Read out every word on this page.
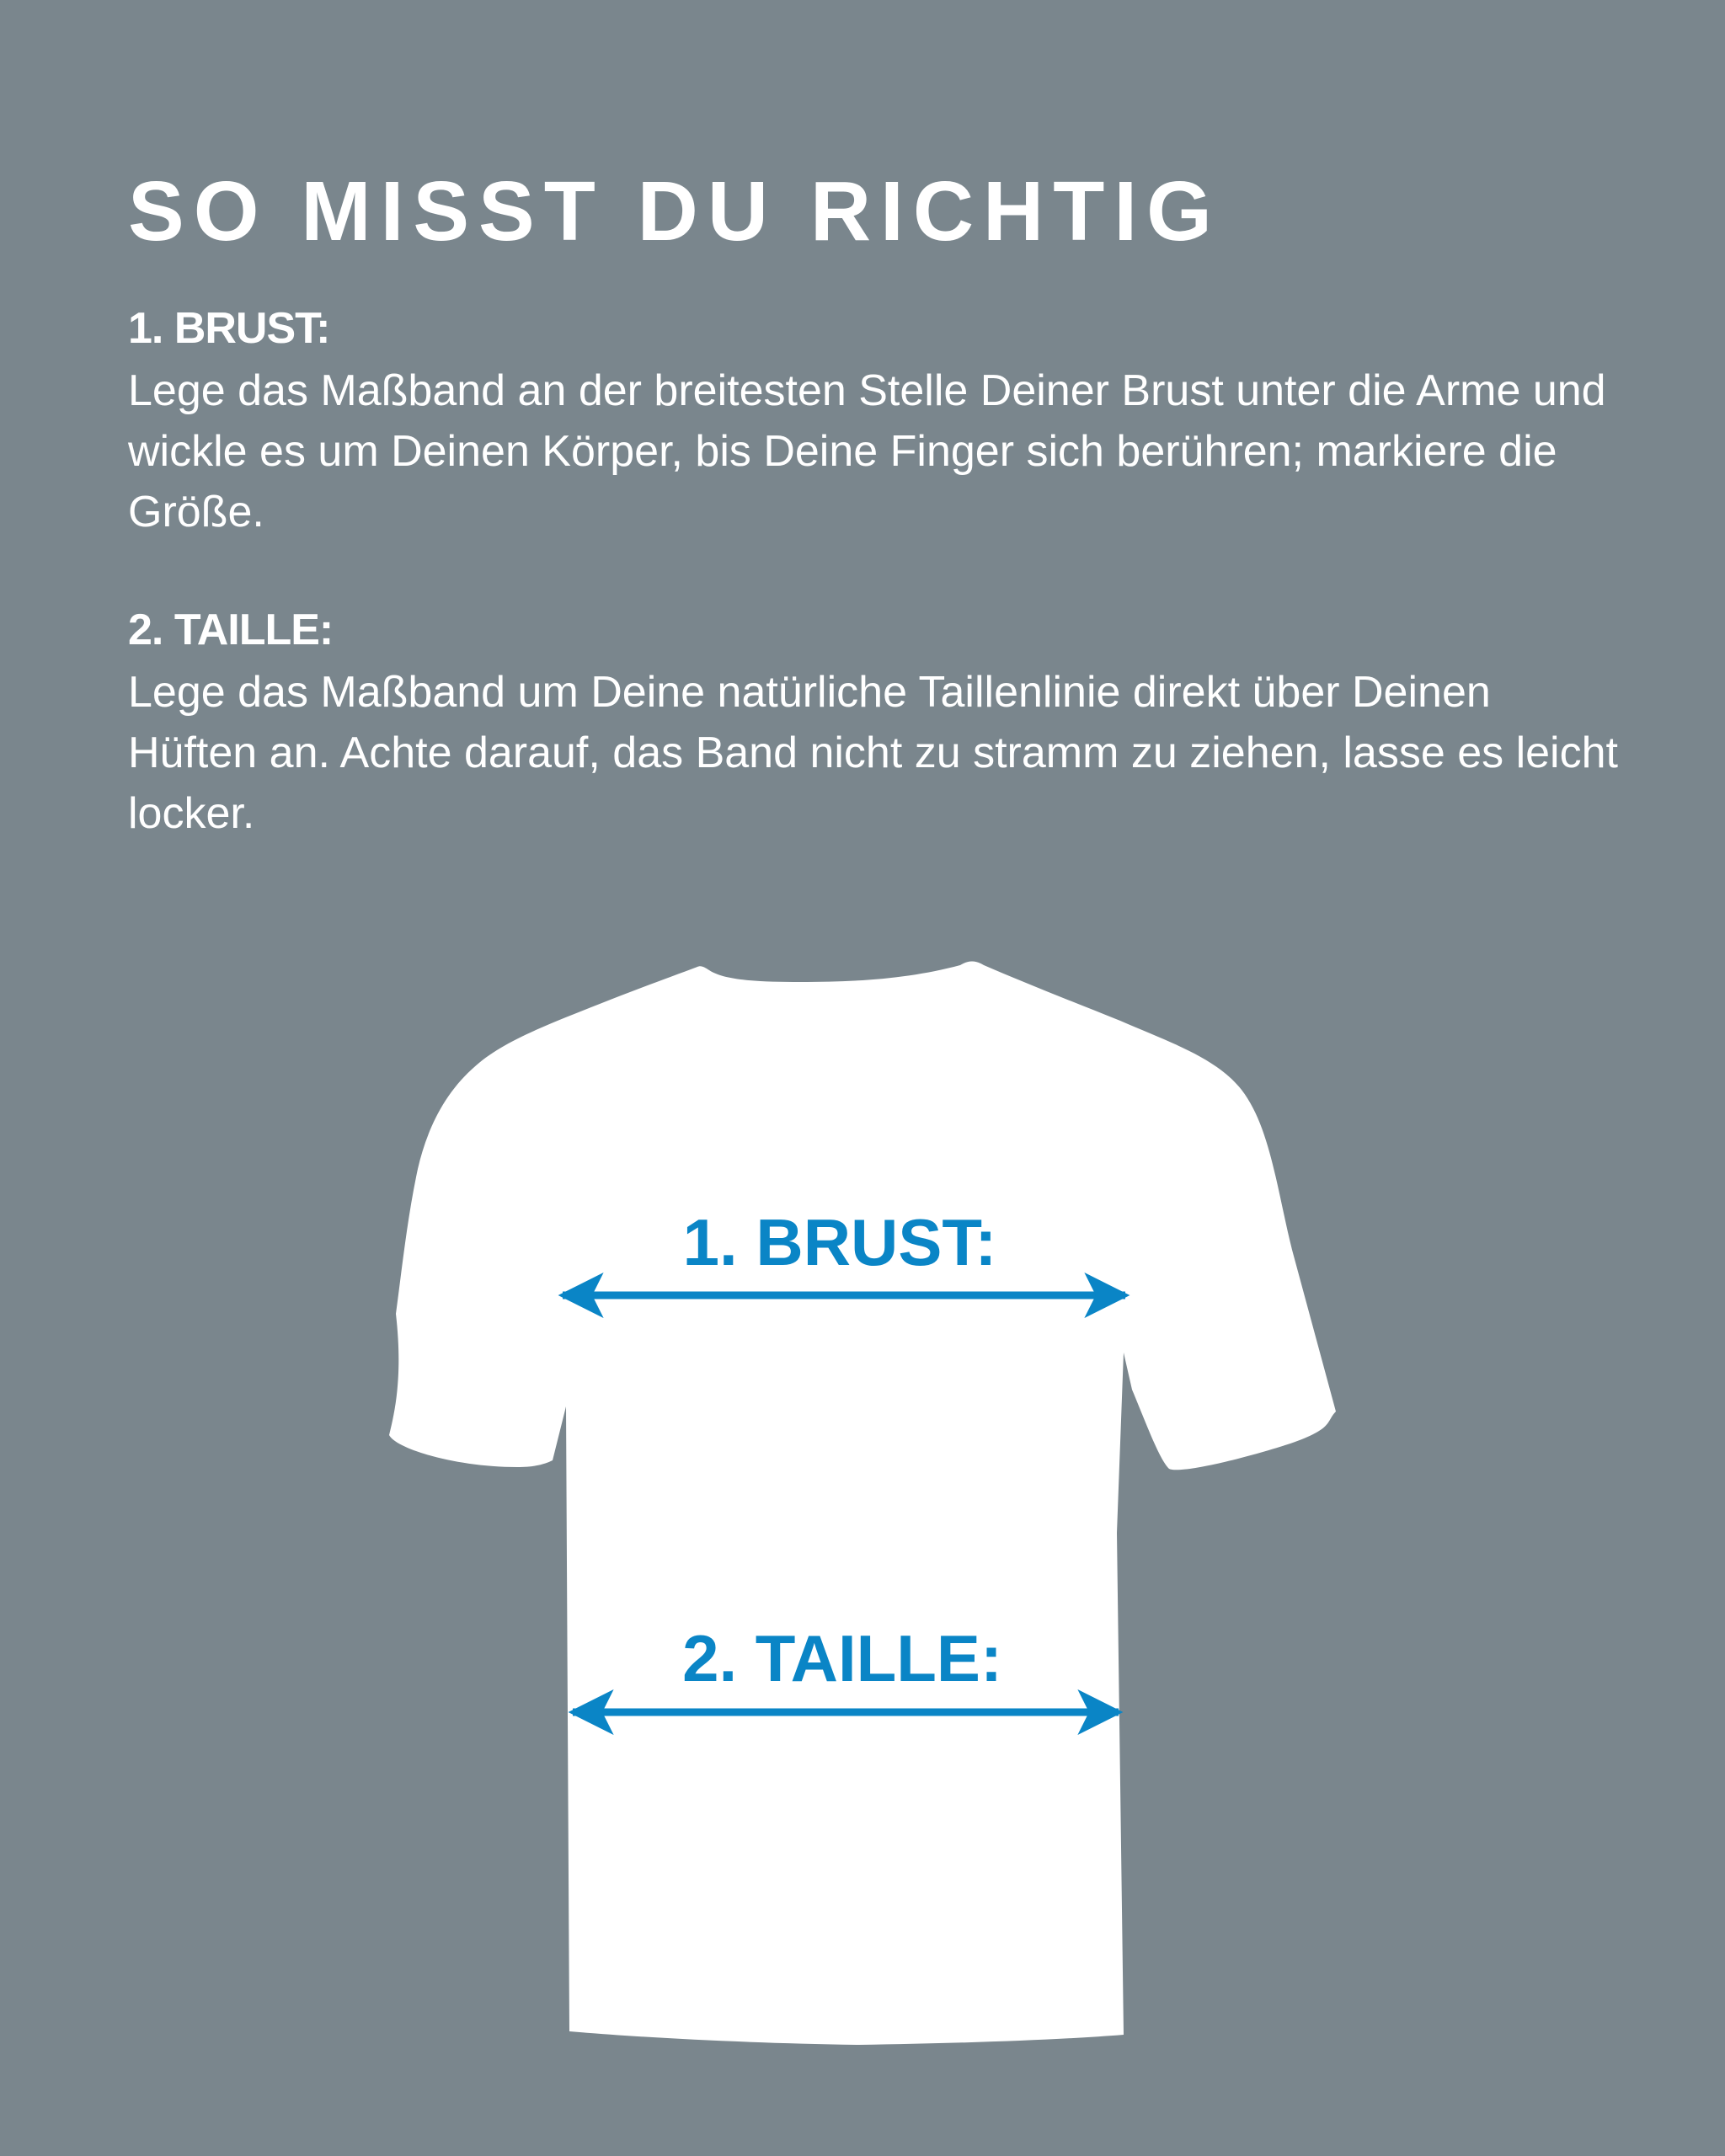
SO MISST DU RICHTIG
1. BRUST:

Lege das Maßband an der breitesten Stelle Deiner Brust unter die Arme und wickle es um Deinen Körper, bis Deine Finger sich berühren; markiere die Größe.

2. TAILLE:

Lege das Maßband um Deine natürliche Taillenlinie direkt über Deinen Hüften an. Achte darauf, das Band nicht zu stramm zu ziehen, lasse es leicht locker.

1. BRUST:
2. TAILLE:
